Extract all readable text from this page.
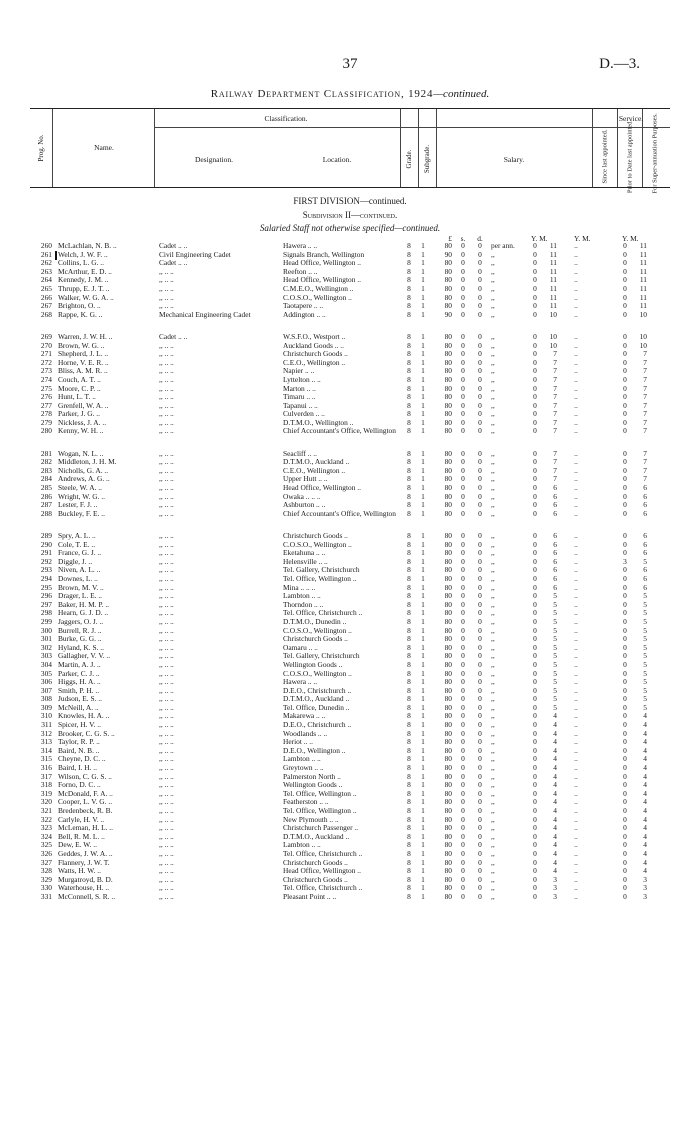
37	D.—3.
Railway Department Classification, 1924—continued.
Prog. No.	Name.
Classification.
Designation.	Location.	Grade. Subgrade.	Salary.
Service.
Since last appointed.	Prior to Date last appointed.	For Super-annuation Purposes.
FIRST DIVISION—continued.
Subdivision II—continued.
Salaried Staff not otherwise specified—continued.
£ s. d.	Y. M.	Y. M.	Y. M.
260 McLachlan, N. B. ..	Cadet .. ..	Hawera .. ..	8 1	80 0 0 per ann.	0	11	..	0	11
261 Welch, J. W. F. ..	Civil Engineering Cadet	Signals Branch, Wellington	8 1	90 0 0 ,,	0	11	..	0	11
262 Collins, L. G. ..	Cadet .. ..	Head Office, Wellington ..	8 1	80 0 0 ,,	0	11	..	0	11
263 McArthur, E. D. ..	,, .. ..	Reefton .. ..	8 1	80 0 0 ,,	0	11	..	0	11
264 Kennedy, J. M. ..	,, .. ..	Head Office, Wellington ..	8 1	80 0 0 ,,	0	11	..	0	11
265 Thrupp, E. J. T. ..	,, .. ..	C.M.E.O., Wellington ..	8 1	80 0 0 ,,	0	11	..	0	11
266 Walker, W. G. A. ..	,, .. ..	C.O.S.O., Wellington ..	8 1	80 0 0 ,,	0	11	..	0	11
267 Brighton, O. ..	,, .. ..	Taotapere .. ..	8 1	80 0 0 ,,	0	11	..	0	11
268 Rappe, K. G. ..	Mechanical Engineering Cadet	Addington .. ..	8 1	90 0 0 ,,	0	10	..	0	10
269 Warren, J. W. H. ..	Cadet .. ..	W.S.F.O., Westport ..	8 1	80 0 0 ,,	0	10	..	0	10
270 Brown, W. G. ..	,, .. ..	Auckland Goods .. ..	8 1	80 0 0 ,,	0	10	..	0	10
271 Shepherd, J. L. ..	,, .. ..	Christchurch Goods ..	8 1	80 0 0 ,,	0	7	..	0	7
272 Horne, V. E. R. ..	,, .. ..	C.E.O., Wellington ..	8 1	80 0 0 ,,	0	7	..	0	7
273 Bliss, A. M. R. ..	,, .. ..	Napier .. ..	8 1	80 0 0 ,,	0	7	..	0	7
274 Couch, A. T. ..	,, .. ..	Lyttelton .. ..	8 1	80 0 0 ,,	0	7	..	0	7
275 Moore, C. P. ..	,, .. ..	Marton .. ..	8 1	80 0 0 ,,	0	7	..	0	7
276 Hunt, L. T. ..	,, .. ..	Timaru .. ..	8 1	80 0 0 ,,	0	7	..	0	7
277 Grenfell, W. A. ..	,, .. ..	Tapanui .. ..	8 1	80 0 0 ,,	0	7	..	0	7
278 Parker, J. G. ..	,, .. ..	Culverden .. ..	8 1	80 0 0 ,,	0	7	..	0	7
279 Nickless, J. A. ..	,, .. ..	D.T.M.O., Wellington ..	8 1	80 0 0 ,,	0	7	..	0	7
280 Kenny, W. H. ..	,, .. ..	Chief Accountant's Office, Wellington	8 1	80 0 0 ,,	0	7	..	0	7
281 Wogan, N. L. ..	,, .. ..	Seacliff .. ..	8 1	80 0 0 ,,	0	7	..	0	7
282 Middleton, J. H. M.	,, .. ..	D.T.M.O., Auckland ..	8 1	80 0 0 ,,	0	7	..	0	7
283 Nicholls, G. A. ..	,, .. ..	C.E.O., Wellington ..	8 1	80 0 0 ,,	0	7	..	0	7
284 Andrews, A. G. ..	,, .. ..	Upper Hutt .. ..	8 1	80 0 0 ,,	0	7	..	0	7
285 Steele, W. A. ..	,, .. ..	Head Office, Wellington ..	8 1	80 0 0 ,,	0	6	..	0	6
286 Wright, W. G. ..	,, .. ..	Owaka .. .. ..	8 1	80 0 0 ,,	0	6	..	0	6
287 Lester, F. J. ..	,, .. ..	Ashburton .. ..	8 1	80 0 0 ,,	0	6	..	0	6
288 Buckley, F. E. ..	,, .. ..	Chief Accountant's Office, Wellington	8 1	80 0 0 ,,	0	6	..	0	6
289 Spry, A. L. ..	,, .. ..	Christchurch Goods ..	8 1	80 0 0 ,,	0	6	..	0	6
290 Cole, T. E. ..	,, .. ..	C.O.S.O., Wellington ..	8 1	80 0 0 ,,	0	6	..	0	6
291 France, G. J. ..	,, .. ..	Eketahuna .. ..	8 1	80 0 0 ,,	0	6	..	0	6
292 Diggle, J. ..	,, .. ..	Helensville .. ..	8 1	80 0 0 ,,	0	6	..	3	5
293 Niven, A. L. ..	,, .. ..	Tel. Gallery, Christchurch	8 1	80 0 0 ,,	0	6	..	0	6
294 Downes, L. ..	,, .. ..	Tel. Office, Wellington ..	8 1	80 0 0 ,,	0	6	..	0	6
295 Brown, M. V. ..	,, .. ..	Mina .. .. ..	8 1	80 0 0 ,,	0	6	..	0	6
296 Drager, L. E. ..	,, .. ..	Lambton .. ..	8 1	80 0 0 ,,	0	5	..	0	5
297 Baker, H. M. P. ..	,, .. ..	Thorndon .. ..	8 1	80 0 0 ,,	0	5	..	0	5
298 Hearn, G. J. D. ..	,, .. ..	Tel. Office, Christchurch ..	8 1	80 0 0 ,,	0	5	..	0	5
299 Jaggers, O. J. ..	,, .. ..	D.T.M.O., Dunedin ..	8 1	80 0 0 ,,	0	5	..	0	5
300 Burrell, R. J. ..	,, .. ..	C.O.S.O., Wellington ..	8 1	80 0 0 ,,	0	5	..	0	5
301 Burke, G. G. ..	,, .. ..	Christchurch Goods ..	8 1	80 0 0 ,,	0	5	..	0	5
302 Hyland, K. S. ..	,, .. ..	Oamaru .. ..	8 1	80 0 0 ,,	0	5	..	0	5
303 Gallagher, V. V. ..	,, .. ..	Tel. Gallery, Christchurch	8 1	80 0 0 ,,	0	5	..	0	5
304 Martin, A. J. ..	,, .. ..	Wellington Goods ..	8 1	80 0 0 ,,	0	5	..	0	5
305 Parker, C. J. ..	,, .. ..	C.O.S.O., Wellington ..	8 1	80 0 0 ,,	0	5	..	0	5
306 Higgs, H. A. ..	,, .. ..	Hawera .. ..	8 1	80 0 0 ,,	0	5	..	0	5
307 Smith, P. H. ..	,, .. ..	D.E.O., Christchurch ..	8 1	80 0 0 ,,	0	5	..	0	5
308 Judson, E. S. ..	,, .. ..	D.T.M.O., Auckland ..	8 1	80 0 0 ,,	0	5	..	0	5
309 McNeill, A. ..	,, .. ..	Tel. Office, Dunedin ..	8 1	80 0 0 ,,	0	5	..	0	5
310 Knowles, H. A. ..	,, .. ..	Makarewa .. ..	8 1	80 0 0 ,,	0	4	..	0	4
311 Spicer, H. V. ..	,, .. ..	D.E.O., Christchurch ..	8 1	80 0 0 ,,	0	4	..	0	4
312 Brooker, C. G. S. ..	,, .. ..	Woodlands .. ..	8 1	80 0 0 ,,	0	4	..	0	4
313 Taylor, R. P. ..	,, .. ..	Heriot .. ..	8 1	80 0 0 ,,	0	4	..	0	4
314 Baird, N. B. ..	,, .. ..	D.E.O., Wellington ..	8 1	80 0 0 ,,	0	4	..	0	4
315 Cheyne, D. C. ..	,, .. ..	Lambton .. ..	8 1	80 0 0 ,,	0	4	..	0	4
316 Baird, I. H. ..	,, .. ..	Greytown .. ..	8 1	80 0 0 ,,	0	4	..	0	4
317 Wilson, C. G. S. ..	,, .. ..	Palmerston North ..	8 1	80 0 0 ,,	0	4	..	0	4
318 Forno, D. C. ..	,, .. ..	Wellington Goods ..	8 1	80 0 0 ,,	0	4	..	0	4
319 McDonald, F. A. ..	,, .. ..	Tel. Office, Wellington ..	8 1	80 0 0 ,,	0	4	..	0	4
320 Cooper, L. V. G. ..	,, .. ..	Featherston .. ..	8 1	80 0 0 ,,	0	4	..	0	4
321 Bredenbeck, R. B.	,, .. ..	Tel. Office, Wellington ..	8 1	80 0 0 ,,	0	4	..	0	4
322 Carlyle, H. V. ..	,, .. ..	New Plymouth .. ..	8 1	80 0 0 ,,	0	4	..	0	4
323 McLeman, H. L. ..	,, .. ..	Christchurch Passenger ..	8 1	80 0 0 ,,	0	4	..	0	4
324 Bell, R. M. L. ..	,, .. ..	D.T.M.O., Auckland ..	8 1	80 0 0 ,,	0	4	..	0	4
325 Dew, E. W. ..	,, .. ..	Lambton .. ..	8 1	80 0 0 ,,	0	4	..	0	4
326 Geddes, J. W. A. ..	,, .. ..	Tel. Office, Christchurch ..	8 1	80 0 0 ,,	0	4	..	0	4
327 Flannery, J. W. T.	,, .. ..	Christchurch Goods ..	8 1	80 0 0 ,,	0	4	..	0	4
328 Watts, H. W. ..	,, .. ..	Head Office, Wellington ..	8 1	80 0 0 ,,	0	4	..	0	4
329 Murgatroyd, B. D.	,, .. ..	Christchurch Goods ..	8 1	80 0 0 ,,	0	3	..	0	3
330 Waterhouse, H. ..	,, .. ..	Tel. Office, Christchurch ..	8 1	80 0 0 ,,	0	3	..	0	3
331 McConnell, S. R. ..	,, .. ..	Pleasant Point .. ..	8 1	80 0 0 ,,	0	3	..	0	3
